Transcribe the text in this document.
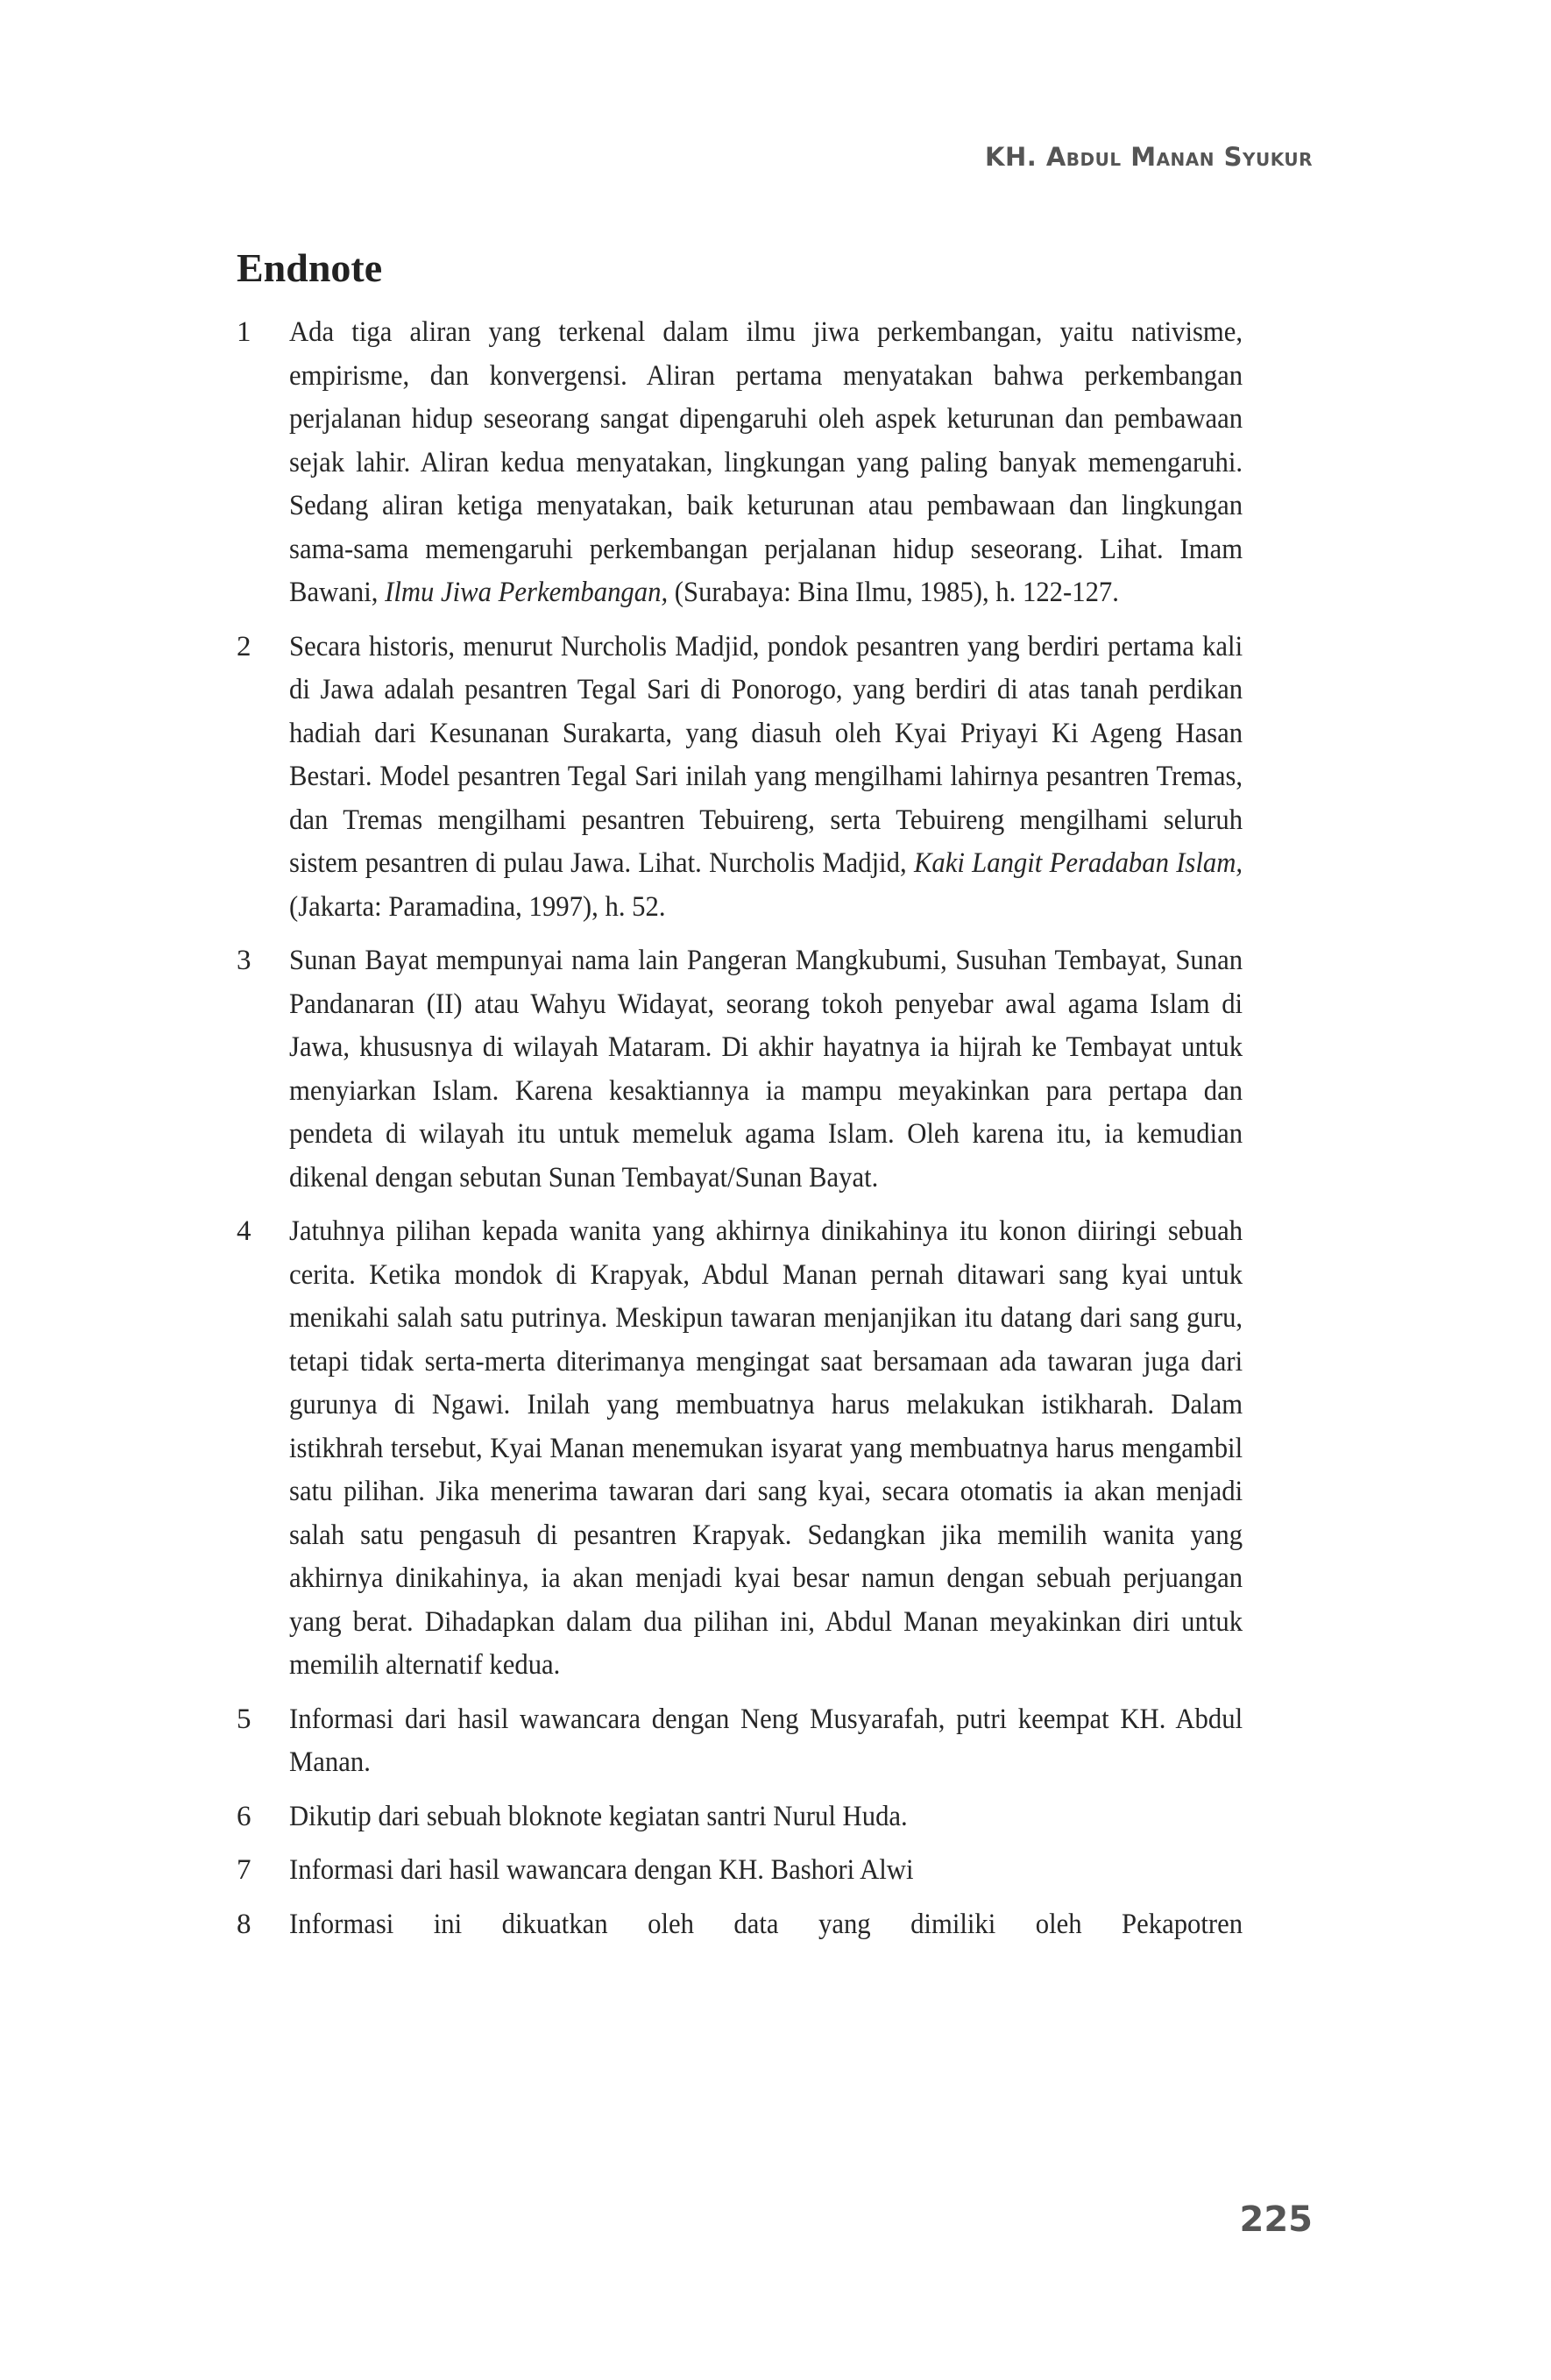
KH. Abdul Manan Syukur
Endnote
1	Ada tiga aliran yang terkenal dalam ilmu jiwa perkembangan, yaitu nativisme, empirisme, dan konvergensi. Aliran pertama menyatakan bahwa perkembangan perjalanan hidup seseorang sangat dipengaruhi oleh aspek keturunan dan pembawaan sejak lahir. Aliran kedua menyatakan, lingkungan yang paling banyak memengaruhi. Sedang aliran ketiga menyatakan, baik keturunan atau pembawaan dan lingkungan sama-sama memengaruhi perkembangan perjalanan hidup seseorang. Lihat. Imam Bawani, Ilmu Jiwa Perkembangan, (Surabaya: Bina Ilmu, 1985), h. 122-127.
2	Secara historis, menurut Nurcholis Madjid, pondok pesantren yang berdiri pertama kali di Jawa adalah pesantren Tegal Sari di Ponorogo, yang berdiri di atas tanah perdikan hadiah dari Kesunanan Surakarta, yang diasuh oleh Kyai Priyayi Ki Ageng Hasan Bestari. Model pesantren Tegal Sari inilah yang mengilhami lahirnya pesantren Tremas, dan Tremas mengilhami pesantren Tebuireng, serta Tebuireng mengilhami seluruh sistem pesantren di pulau Jawa. Lihat. Nurcholis Madjid, Kaki Langit Peradaban Islam, (Jakarta: Paramadina, 1997), h. 52.
3	Sunan Bayat mempunyai nama lain Pangeran Mangkubumi, Susuhan Tembayat, Sunan Pandanaran (II) atau Wahyu Widayat, seorang tokoh penyebar awal agama Islam di Jawa, khususnya di wilayah Mataram. Di akhir hayatnya ia hijrah ke Tembayat untuk menyiarkan Islam. Karena kesaktiannya ia mampu meyakinkan para pertapa dan pendeta di wilayah itu untuk memeluk agama Islam. Oleh karena itu, ia kemudian dikenal dengan sebutan Sunan Tembayat/Sunan Bayat.
4	Jatuhnya pilihan kepada wanita yang akhirnya dinikahinya itu konon diiringi sebuah cerita. Ketika mondok di Krapyak, Abdul Manan pernah ditawari sang kyai untuk menikahi salah satu putrinya. Meskipun tawaran menjanjikan itu datang dari sang guru, tetapi tidak serta-merta diterimanya mengingat saat bersamaan ada tawaran juga dari gurunya di Ngawi. Inilah yang membuatnya harus melakukan istikharah. Dalam istikhrah tersebut, Kyai Manan menemukan isyarat yang membuatnya harus mengambil satu pilihan. Jika menerima tawaran dari sang kyai, secara otomatis ia akan menjadi salah satu pengasuh di pesantren Krapyak. Sedangkan jika memilih wanita yang akhirnya dinikahinya, ia akan menjadi kyai besar namun dengan sebuah perjuangan yang berat. Dihadapkan dalam dua pilihan ini, Abdul Manan meyakinkan diri untuk memilih alternatif kedua.
5	Informasi dari hasil wawancara dengan Neng Musyarafah, putri keempat KH. Abdul Manan.
6	Dikutip dari sebuah bloknote kegiatan santri Nurul Huda.
7	Informasi dari hasil wawancara dengan KH. Bashori Alwi
8	Informasi ini dikuatkan oleh data yang dimiliki oleh Pekapotren
225
